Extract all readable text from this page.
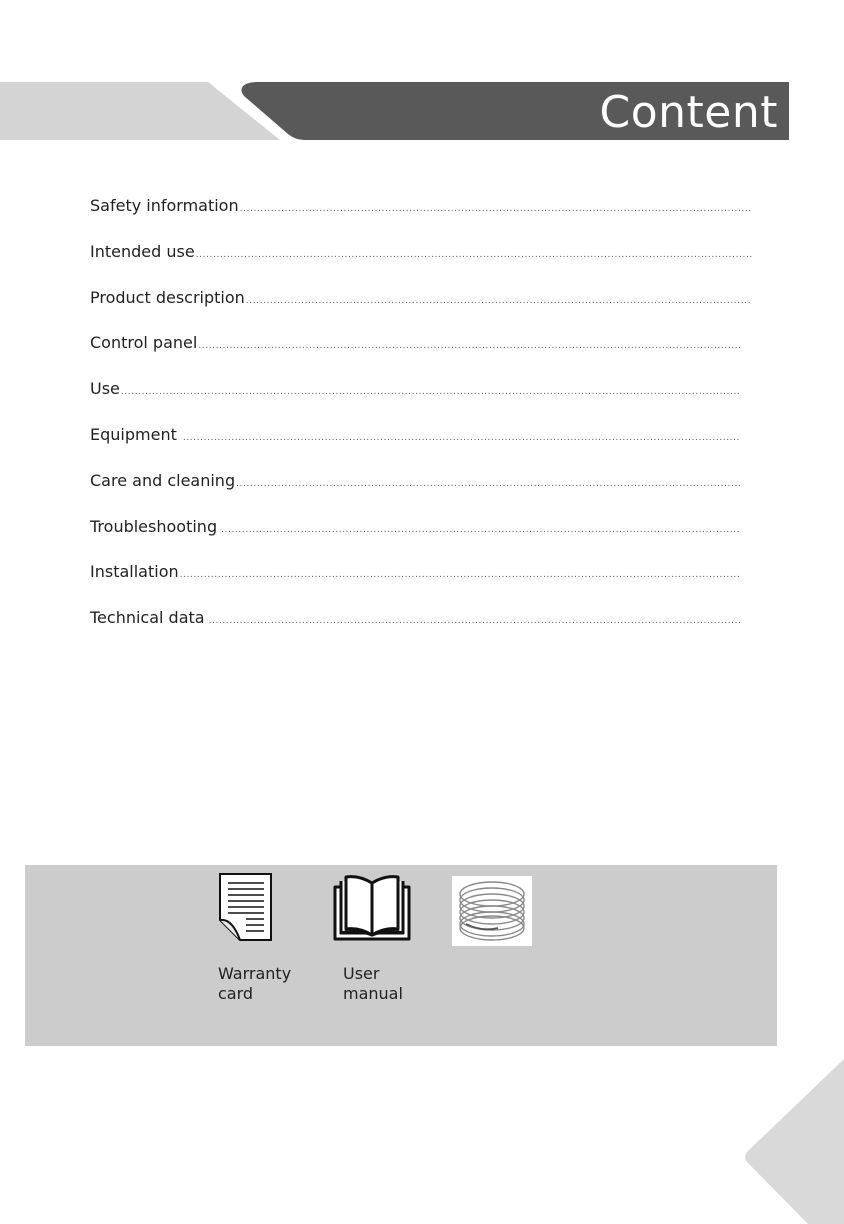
Content
Safety information
.....
Intended use
.....
Product description
.....
Control panel
.....
Use
.....
Equipment
.....
Care and cleaning
.....
Troubleshooting
.....
Installation
.....
Technical data
.....

Warranty
card

User
manual
